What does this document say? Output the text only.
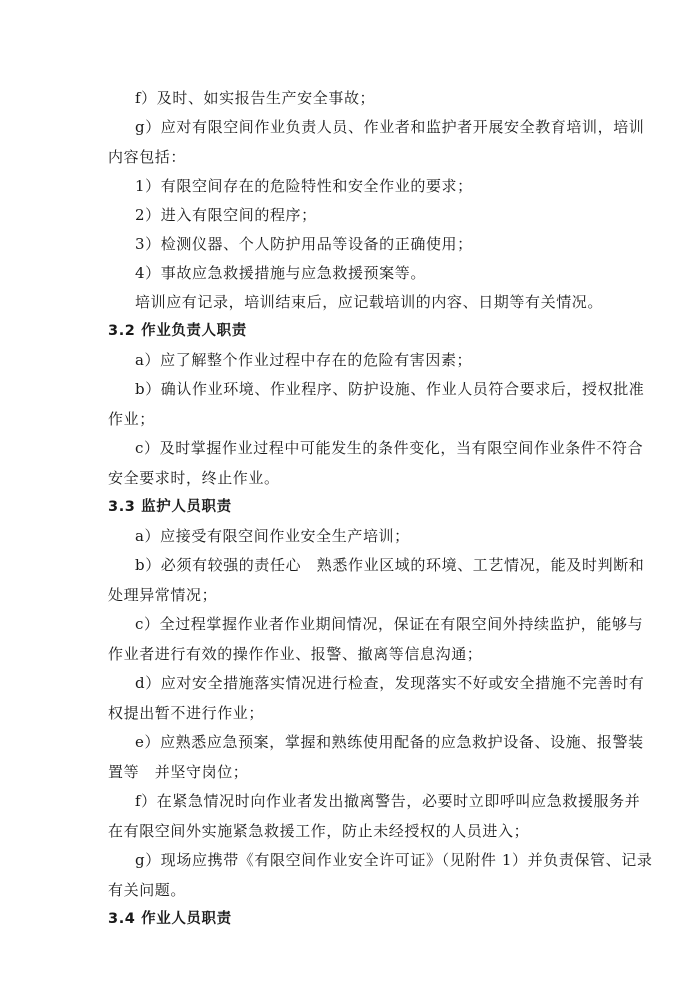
f）及时、如实报告生产安全事故；
g）应对有限空间作业负责人员、作业者和监护者开展安全教育培训，培训
内容包括：
1）有限空间存在的危险特性和安全作业的要求；
2）进入有限空间的程序；
3）检测仪器、个人防护用品等设备的正确使用；
4）事故应急救援措施与应急救援预案等。
培训应有记录，培训结束后，应记载培训的内容、日期等有关情况。
3.2 作业负责人职责
a）应了解整个作业过程中存在的危险有害因素；
b）确认作业环境、作业程序、防护设施、作业人员符合要求后，授权批准
作业；
c）及时掌握作业过程中可能发生的条件变化，当有限空间作业条件不符合
安全要求时，终止作业。
3.3 监护人员职责
a）应接受有限空间作业安全生产培训；
b）必须有较强的责任心　熟悉作业区域的环境、工艺情况，能及时判断和
处理异常情况；
c）全过程掌握作业者作业期间情况，保证在有限空间外持续监护，能够与
作业者进行有效的操作作业、报警、撤离等信息沟通；
d）应对安全措施落实情况进行检查，发现落实不好或安全措施不完善时有
权提出暂不进行作业；
e）应熟悉应急预案，掌握和熟练使用配备的应急救护设备、设施、报警装
置等　并坚守岗位；
f）在紧急情况时向作业者发出撤离警告，必要时立即呼叫应急救援服务并
在有限空间外实施紧急救援工作，防止未经授权的人员进入；
g）现场应携带《有限空间作业安全许可证》（见附件 1）并负责保管、记录
有关问题。
3.4 作业人员职责
